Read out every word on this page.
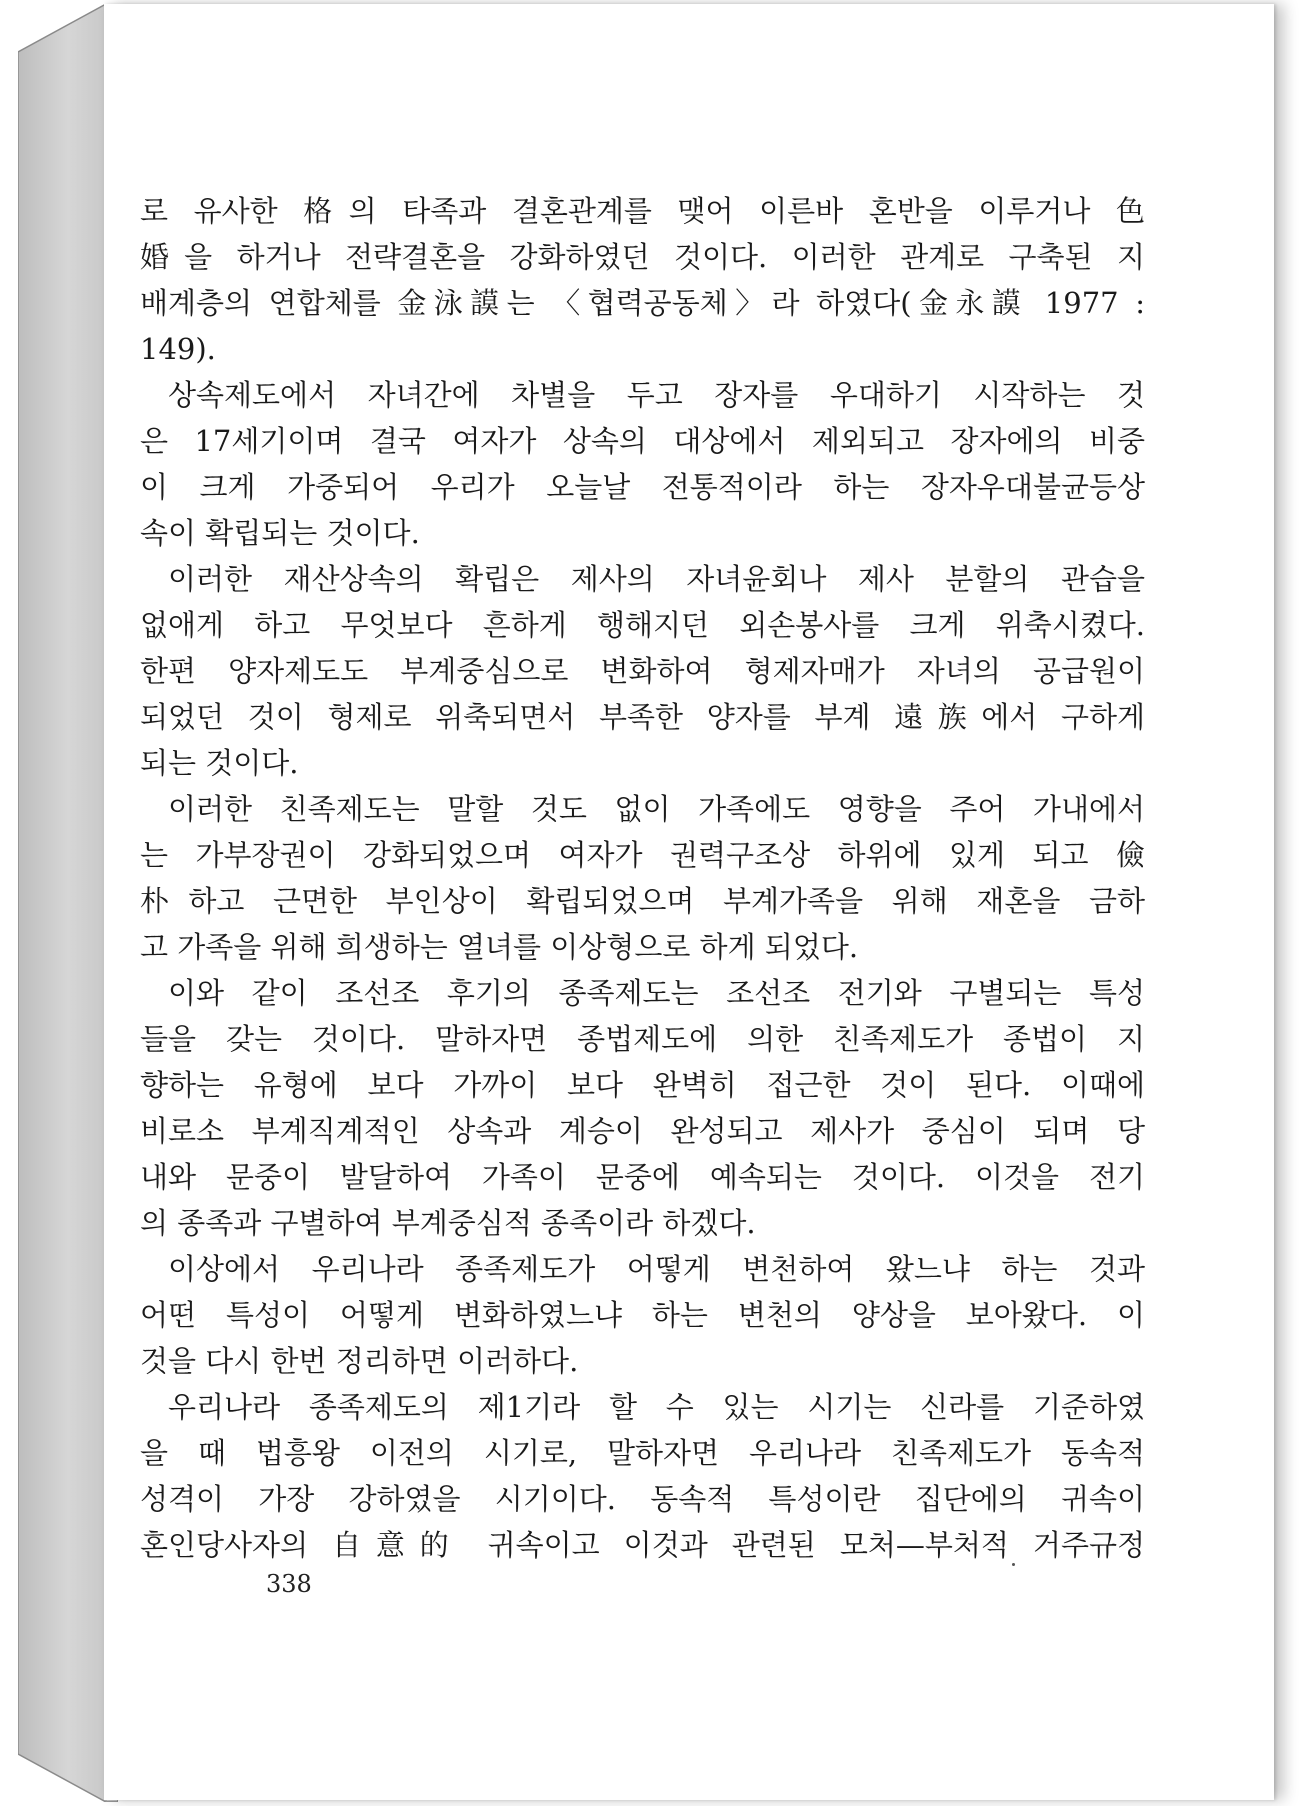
로 유사한 格의 타족과 결혼관계를 맺어 이른바 혼반을 이루거나 色
婚을 하거나 전략결혼을 강화하였던 것이다. 이러한 관계로 구축된 지
배계층의 연합체를 金泳謨는 〈협력공동체〉라 하였다(金永謨 1977 :
149).
상속제도에서 자녀간에 차별을 두고 장자를 우대하기 시작하는 것
은 17세기이며 결국 여자가 상속의 대상에서 제외되고 장자에의 비중
이 크게 가중되어 우리가 오늘날 전통적이라 하는 장자우대불균등상
속이 확립되는 것이다.
이러한 재산상속의 확립은 제사의 자녀윤회나 제사 분할의 관습을
없애게 하고 무엇보다 흔하게 행해지던 외손봉사를 크게 위축시켰다.
한편 양자제도도 부계중심으로 변화하여 형제자매가 자녀의 공급원이
되었던 것이 형제로 위축되면서 부족한 양자를 부계 遠族에서 구하게
되는 것이다.
이러한 친족제도는 말할 것도 없이 가족에도 영향을 주어 가내에서
는 가부장권이 강화되었으며 여자가 권력구조상 하위에 있게 되고 儉
朴하고 근면한 부인상이 확립되었으며 부계가족을 위해 재혼을 금하
고 가족을 위해 희생하는 열녀를 이상형으로 하게 되었다.
이와 같이 조선조 후기의 종족제도는 조선조 전기와 구별되는 특성
들을 갖는 것이다. 말하자면 종법제도에 의한 친족제도가 종법이 지
향하는 유형에 보다 가까이 보다 완벽히 접근한 것이 된다. 이때에
비로소 부계직계적인 상속과 계승이 완성되고 제사가 중심이 되며 당
내와 문중이 발달하여 가족이 문중에 예속되는 것이다. 이것을 전기
의 종족과 구별하여 부계중심적 종족이라 하겠다.
이상에서 우리나라 종족제도가 어떻게 변천하여 왔느냐 하는 것과
어떤 특성이 어떻게 변화하였느냐 하는 변천의 양상을 보아왔다. 이
것을 다시 한번 정리하면 이러하다.
우리나라 종족제도의 제1기라 할 수 있는 시기는 신라를 기준하였
을 때 법흥왕 이전의 시기로, 말하자면 우리나라 친족제도가 동속적
성격이 가장 강하였을 시기이다. 동속적 특성이란 집단에의 귀속이
혼인당사자의 自意的 귀속이고 이것과 관련된 모처—부처적 거주규정
338
